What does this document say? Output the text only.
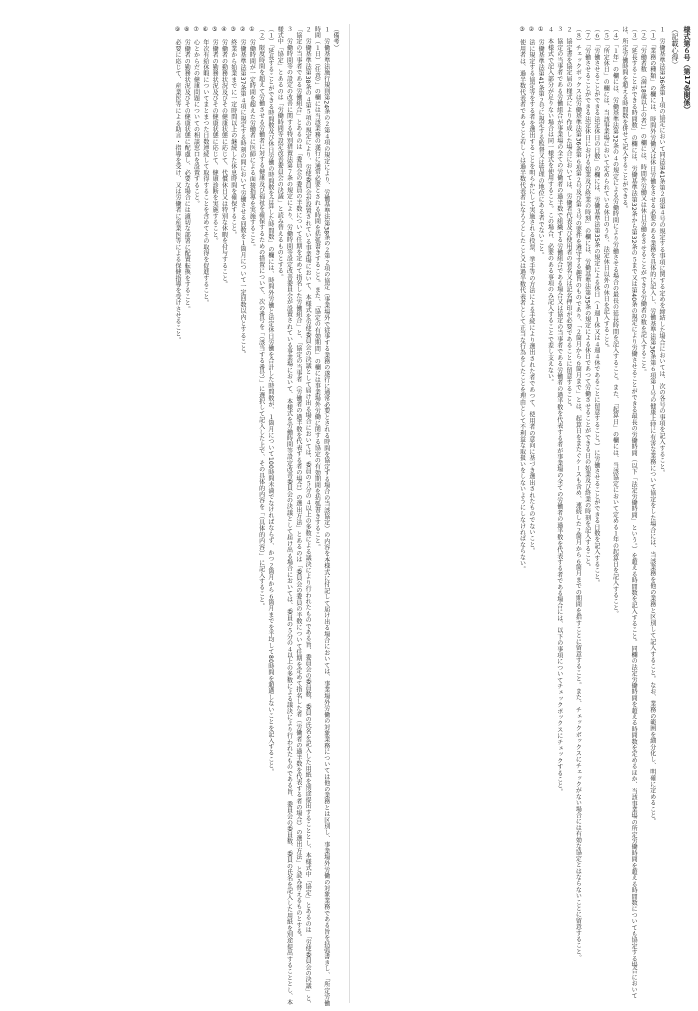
様式第６号（第17条関係）
（記載心得）
１　労働基準法第36条第１項の協定において同法第41条第２項第４号の規定する事項に関する定めを締結した場合においては、次の各号の事項を記入すること。
（１）「業務の種類」の欄には、時間外労働又は休日労働をさせる必要のある業務を具体的に記入し、労働基準法第36条第６項第１号の健康上特に有害な業務について協定をした場合には、当該業務を他の業務と区別して記入すること。なお、業務の範囲を細分化し、明確に定めること。
（２）「労働者数（満18歳以上の者）」の欄には、時間外労働又は休日労働をさせることができる労働者の数を記入すること。
（３）「延長することができる時間数」の欄には、労働基準法第32条から第32条の５まで又は第40条の規定により労働させることができる最長の労働時間（以下「法定労働時間」という。）を超える時間数を記入すること。同欄の法定労働時間を超える時間数を定めるほか、当該事業場の所定労働時間を超える時間数についても協定する場合においては、所定労働時間を超える時間数を併せて記入することができる。
（４）「１年」の欄には、労働基準法第32条の４の規定による労働時間により労働させる場合の最長の延長時間を記入すること。また、「起算日」の欄には、当該協定において定める１年の起算日を記入すること。
（５）「所定休日」の欄には、当該事業場において定められている休日のうち、法定休日以外の休日を記入すること。
（６）「労働させることができる法定休日の日数」の欄には、労働基準法第35条の規定による休日（１週１休又は４週４休であることに留意すること。）に労働させることができる日数を記入すること。
（７）「労働させることができる法定休日における始業及び終業の時刻」の欄には、労働基準法第35条の規定による休日であつて労働させることができる日の始業及び終業の時刻を記入すること。
（８）チェックボックスは労働基準法第36条第６項第２号及び第３号の要件を遵守する趣旨のものであり、「２箇月から６箇月まで」とは、起算日をまたぐケースも含め、連続した２箇月から６箇月までの期間を指すことに留意すること。また、チェックボックスにチェックがない場合には有効な協定とはならないことに留意すること。
２　協定書を協定届の様式により作成した場合においては、労働者代表及び使用者の署名又は記名押印が必要であることに留意すること。
３　協定の当事者である労働組合が事業場の全ての労働者の過半数で組織する労働組合である場合又は協定の当事者である労働者の過半数を代表する者が事業場の全ての労働者の過半数を代表する者である場合には、以下の事項についてチェックボックスにチェックすること。
４　本様式で記入部分が足りない場合は同一様式を使用すること。この場合、必要のある事項のみ記入することで差し支えない。
①　労働基準法第41条第２号に規定する監督又は管理の地位にある者でないこと。
②　法に規定する協定等をする者を選出することを明らかにして実施される投票、挙手等の方法による手続により選出された者であつて、使用者の意向に基づき選出されたものでないこと。
③　使用者は、過半数代表者であること若しくは過半数代表者になろうとしたこと又は過半数代表者として正当な行為をしたことを理由として不利益な取扱いをしないようにしなければならない。
（備考）
１　労働基準法施行規則第24条の２第４項の規定により、労働基準法第38条の２第２項の協定（事業場外で従事する業務の遂行に通常必要とされる時間を協定する場合の当該協定）の内容を本様式に付記して届け出る場合においては、事業場外労働の対象業務については他の業務とは区別し、事業場外労働の対象業務である旨を括弧書きし、「所定労働時間（１日）（任意）」の欄には当該業務の遂行に通常必要とされる時間を括弧書きすること。また、「協定の有効期間」の欄には事業場外労働に関する協定の有効期間を括弧書きすること。
２　労働基準法第38条の４第５項の規定により、労使委員会が設置されている事業場において、本様式を労使委員会の決議として届け出る場合においては、委員の５分の４以上の多数による議決により行われたものである旨、委員会の委員数、委員の氏名を記入した用紙を別途提出することとし、本様式中「協定」とあるのは「労使委員会の決議」と、「協定の当事者である労働組合」とあるのは「委員会の委員の半数について任期を定めて指名した労働組合」と、「協定の当事者（労働者の過半数を代表する者の場合）の選出方法」とあるのは「委員会の委員の半数について任期を定めて指名した者（労働者の過半数を代表する者の場合）の選出方法」と読み替えるものとする。
３　労働時間等の設定の改善に関する特別措置法第７条の規定により、労働時間等設定改善委員会が設置されている事業場において、本様式を労働時間等設定改善委員会の決議として届け出る場合においては、委員の５分の４以上の多数による議決により行われたものである旨、委員会の委員数、委員の氏名を記入した用紙を別途提出することとし、本様式中「協定」とあるのは「労働時間等設定改善委員会の決議」と読み替えるものとする。
（１）「延長することができる時間数及び休日労働の時間数を合算した時間数」の欄には、時間外労働と法定休日労働を合計した時間数が、１箇月について100時間未満でなければならず、かつ２箇月から６箇月までを平均して80時間を超過しないことを記入すること。
（２）限度時間を超えて労働させる労働者に対する健康及び福祉を確保するための措置について、次の番号を「（該当する番号）」に選択して記入した上で、その具体的内容を「（具体的内容）」に記入すること。
①　労働時間が一定時間を超えた労働者に医師による面接指導を実施すること。
②　労働基準法第37条第４項に規定する時刻の間において労働させる回数を１箇月について一定回数以内とすること。
③　終業から始業までに一定時間以上の継続した休息時間を確保すること。
④　労働者の勤務状況及びその健康状態に応じて、代償休日又は特別な休暇を付与すること。
⑤　労働者の勤務状況及びその健康状態に応じて、健康診断を実施すること。
⑥　年次有給休暇についてまとまつた日数連続して取得することを含めてその取得を促進すること。
⑦　心とからだの健康問題についての相談窓口を設置すること。
⑧　労働者の勤務状況及びその健康状態に配慮し、必要な場合には適切な部署に配置転換をすること。
⑨　必要に応じて、産業医等による助言・指導を受け、又は労働者に産業医等による保健指導を受けさせること。
